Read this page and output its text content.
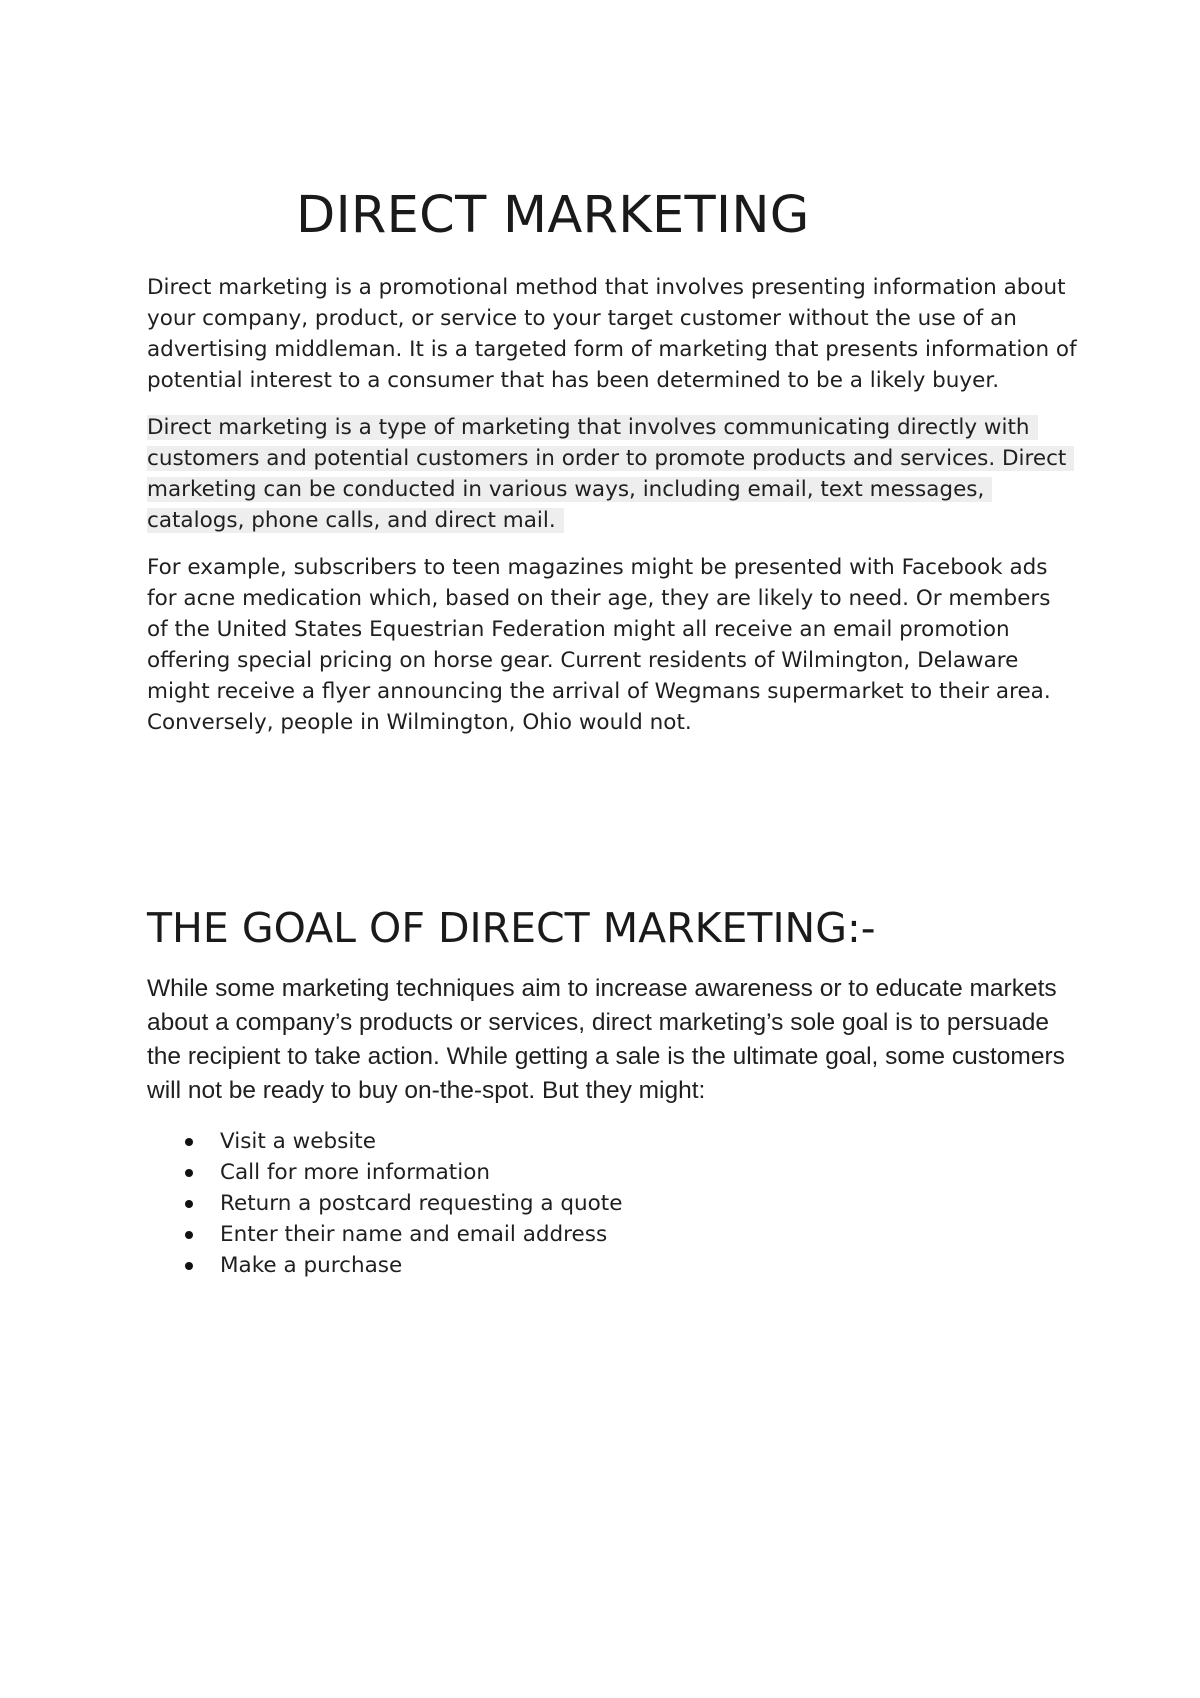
DIRECT MARKETING

Direct marketing is a promotional method that involves presenting information about your company, product, or service to your target customer without the use of an advertising middleman. It is a targeted form of marketing that presents information of potential interest to a consumer that has been determined to be a likely buyer.

Direct marketing is a type of marketing that involves communicating directly with customers and potential customers in order to promote products and services. Direct marketing can be conducted in various ways, including email, text messages, catalogs, phone calls, and direct mail.

For example, subscribers to teen magazines might be presented with Facebook ads for acne medication which, based on their age, they are likely to need. Or members of the United States Equestrian Federation might all receive an email promotion offering special pricing on horse gear. Current residents of Wilmington, Delaware might receive a flyer announcing the arrival of Wegmans supermarket to their area. Conversely, people in Wilmington, Ohio would not.

THE GOAL OF DIRECT MARKETING:-

While some marketing techniques aim to increase awareness or to educate markets about a company’s products or services, direct marketing’s sole goal is to persuade the recipient to take action. While getting a sale is the ultimate goal, some customers will not be ready to buy on-the-spot. But they might:

Visit a website
Call for more information
Return a postcard requesting a quote
Enter their name and email address
Make a purchase
